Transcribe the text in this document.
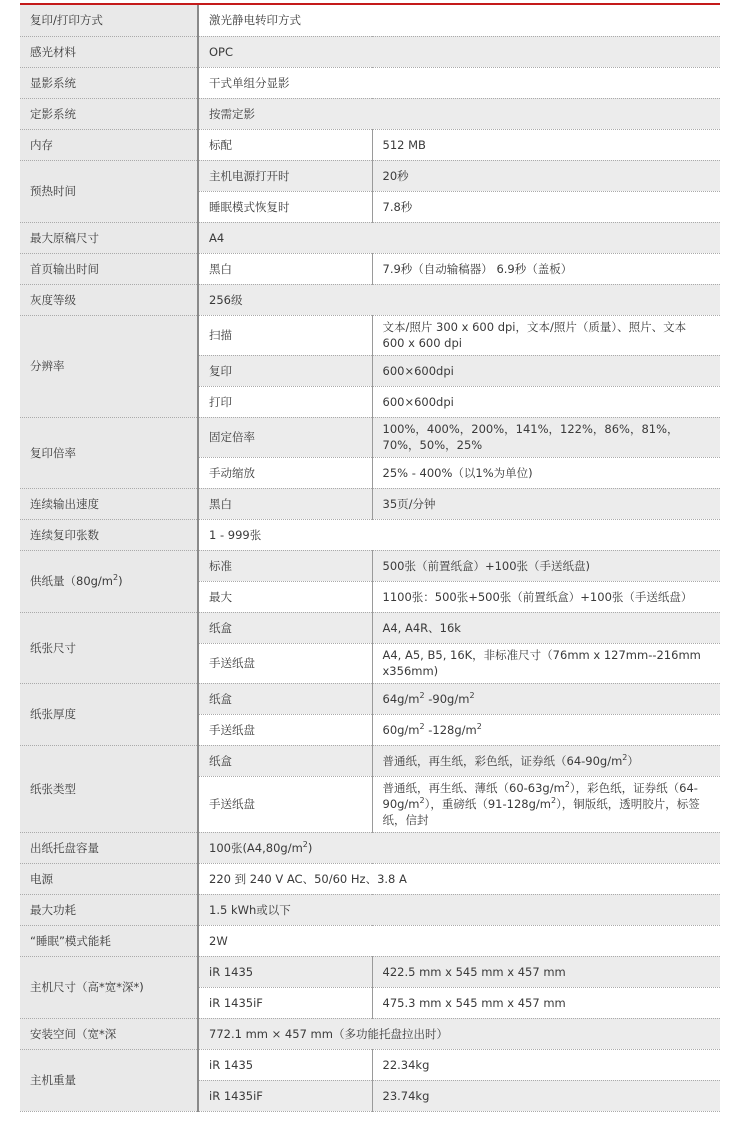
复印/打印方式	激光静电转印方式	
感光材料	OPC	
显影系统	干式单组分显影	
定影系统	按需定影	
内存	标配	512 MB
预热时间	主机电源打开时	20秒
	睡眠模式恢复时	7.8秒
最大原稿尺寸	A4	
首页输出时间	黑白	7.9秒（自动输稿器） 6.9秒（盖板）
灰度等级	256级	
分辨率	扫描	文本/照片 300 x 600 dpi，文本/照片（质量）、照片、文本 600 x 600 dpi
	复印	600×600dpi
	打印	600×600dpi
复印倍率	固定倍率	100%，400%，200%，141%，122%，86%，81%，70%，50%，25%
	手动缩放	25% - 400%（以1%为单位)
连续输出速度	黑白	35页/分钟
连续复印张数	1 - 999张	
供纸量$(80g/m^2)$	标准	500张（前置纸盒）+100张（手送纸盘)
	最大	1100张：500张+500张（前置纸盒）+100张（手送纸盘）
纸张尺寸	纸盒	A4, A4R、16k
	手送纸盘	A4, A5, B5, 16K，非标准尺寸（76mm x 127mm--216mm x356mm)
纸张厚度	纸盒	$64g/m^2$ $-90g/m^2$
	手送纸盘	$60g/m^2$ $-128g/m^2$
纸张类型	纸盒	普通纸，再生纸，彩色纸，证券纸$(64-90g/m^2)$
	手送纸盘	普通纸，再生纸、薄纸$(60-63g/m^2)$，彩色纸，证券纸$(64-90g/m^2)$，重磅纸$(91-128g/m^2)$，铜版纸，透明胶片，标签纸，信封
出纸托盘容量	100张$(A4,80g/m^2)$	
电源	220 到 240 V AC、50/60 Hz、3.8 A	
最大功耗	1.5 kWh或以下	
“睡眠”模式能耗	2W	
主机尺寸（高*宽*深*)	iR 1435	422.5 mm x 545 mm x 457 mm
	iR 1435iF	475.3 mm x 545 mm x 457 mm
安装空间（宽*深	772.1 mm × 457 mm（多功能托盘拉出时）	
主机重量	iR 1435	22.34kg
	iR 1435iF	23.74kg
